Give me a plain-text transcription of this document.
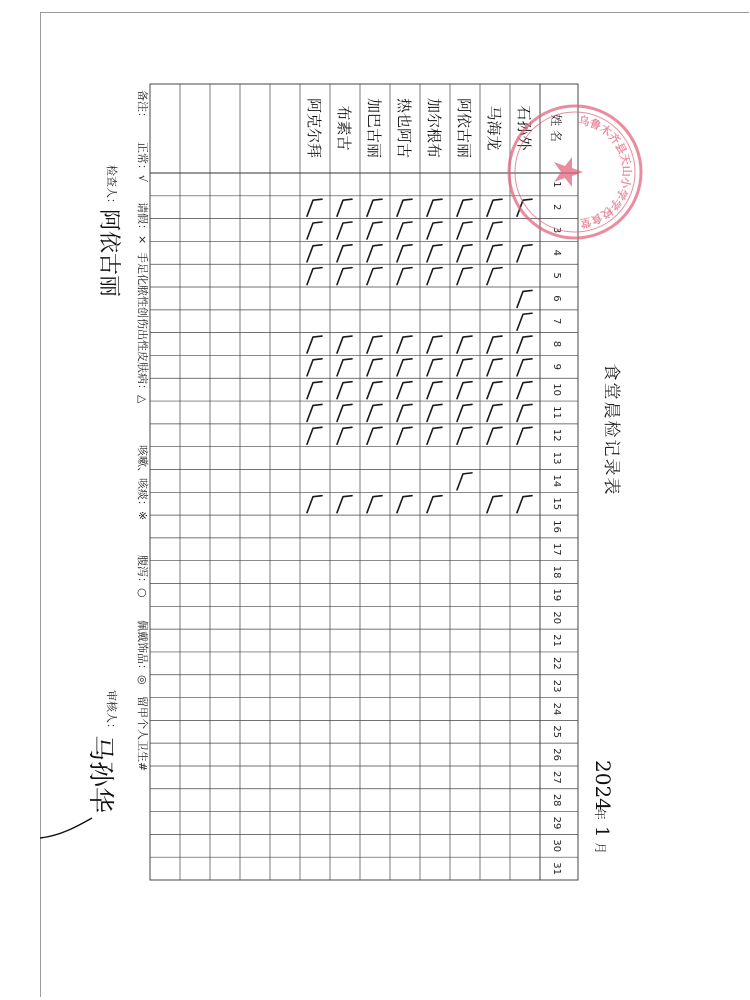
食堂晨检记录表
2024
年
1
月
姓 名
1
2
3
4
5
6
7
8
9
10
11
12
13
14
15
16
17
18
19
20
21
22
23
24
25
26
27
28
29
30
31
石孙外
马海龙
阿依古丽
加尔根布
热也阿古
加巴古丽
布素古
阿克尔拜
备注：
正常：√
请假：×
手足化脓性创伤出性皮肤病：△
咳嗽、咳痰：※
腹泻：○
佩戴饰品：◎
留甲个人卫生#
检查人：
阿依古丽
审核人：
马孙华
乌鲁木齐县天山小学学校食堂
